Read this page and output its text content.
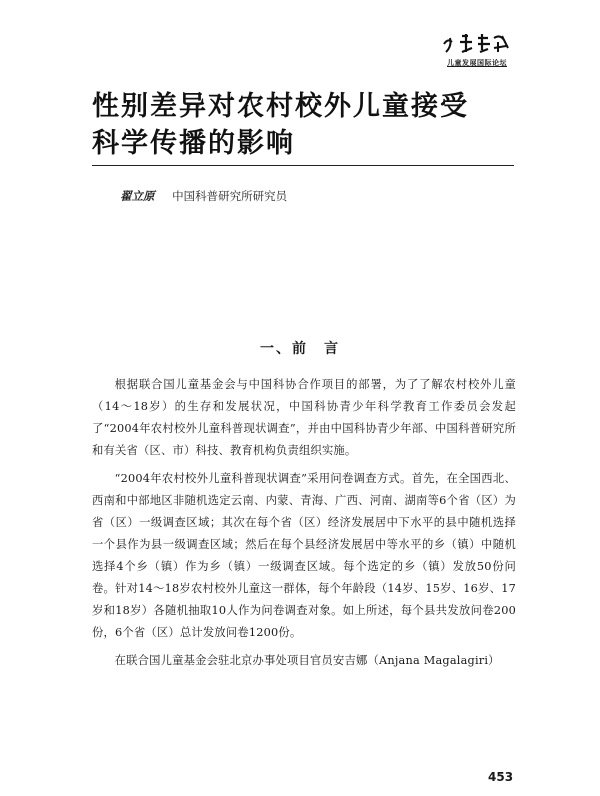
儿童发展国际论坛
性别差异对农村校外儿童接受
科学传播的影响
翟立原 中国科普研究所研究员
一、前　言

根据联合国儿童基金会与中国科协合作项目的部署，为了了解农村校外儿童（14～18岁）的生存和发展状况，中国科协青少年科学教育工作委员会发起了“2004年农村校外儿童科普现状调查”，并由中国科协青少年部、中国科普研究所和有关省（区、市）科技、教育机构负责组织实施。

“2004年农村校外儿童科普现状调查”采用问卷调查方式。首先，在全国西北、西南和中部地区非随机选定云南、内蒙、青海、广西、河南、湖南等6个省（区）为省（区）一级调查区域；其次在每个省（区）经济发展居中下水平的县中随机选择一个县作为县一级调查区域；然后在每个县经济发展居中等水平的乡（镇）中随机选择4个乡（镇）作为乡（镇）一级调查区域。每个选定的乡（镇）发放50份问卷。针对14～18岁农村校外儿童这一群体，每个年龄段（14岁、15岁、16岁、17岁和18岁）各随机抽取10人作为问卷调查对象。如上所述，每个县共发放问卷200份，6个省（区）总计发放问卷1200份。

在联合国儿童基金会驻北京办事处项目官员安吉娜（Anjana Magalagiri）

453
